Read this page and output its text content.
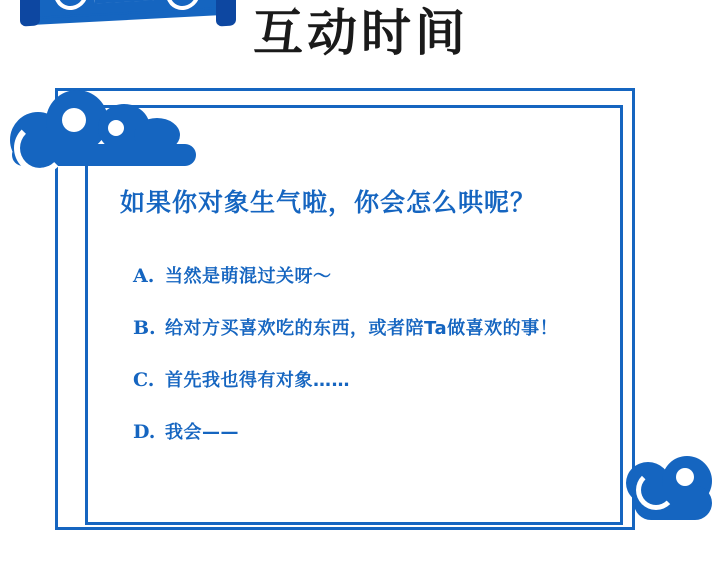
互动时间
如果你对象生气啦，你会怎么哄呢？
A. 当然是萌混过关呀～
B. 给对方买喜欢吃的东西，或者陪Ta做喜欢的事！
C. 首先我也得有对象……
D. 我会——
